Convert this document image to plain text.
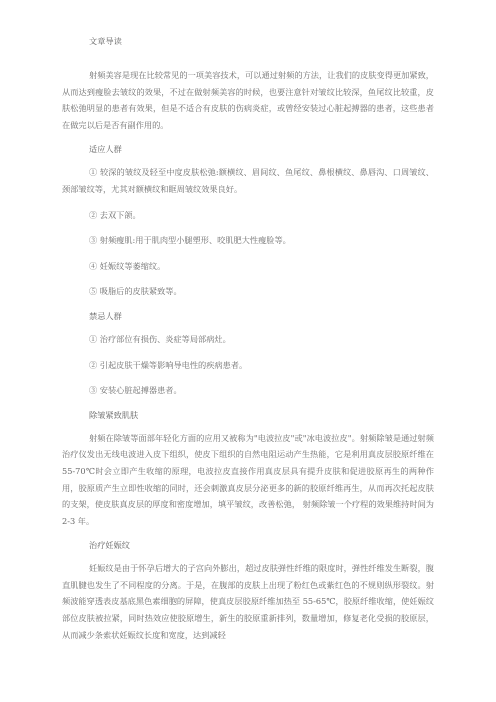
文章导读

射频美容是现在比较常见的一项美容技术，可以通过射频的方法，让我们的皮肤变得更加紧致，从而达到瘦脸去皱纹的效果，不过在做射频美容的时候，也要注意针对皱纹比较深，鱼尾纹比较重，皮肤松弛明显的患者有效果，但是不适合有皮肤的伤病炎症，或曾经安装过心脏起搏器的患者，这些患者在做完以后是否有副作用的。

适应人群

① 较深的皱纹及轻至中度皮肤松弛:额横纹、眉间纹、鱼尾纹、鼻根横纹、鼻唇沟、口周皱纹、颈部皱纹等，尤其对额横纹和眶周皱纹效果良好。

② 去双下颌。

③ 射频瘦肌:用于肌肉型小腿塑形、咬肌肥大性瘦脸等。

④ 妊娠纹等萎缩纹。

⑤ 吸脂后的皮肤紧致等。

禁忌人群

① 治疗部位有损伤、炎症等局部病灶。

② 引起皮肤干燥等影响导电性的疾病患者。

③ 安装心脏起搏器患者。

除皱紧致肌肤

射频在除皱等面部年轻化方面的应用又被称为"电波拉皮"或"冰电波拉皮"。射频除皱是通过射频治疗仪发出无线电波进入皮下组织，使皮下组织的自然电阻运动产生热能，它是利用真皮层胶原纤维在 55-70℃时会立即产生收缩的原理，电波拉皮直接作用真皮层具有提升皮肤和促进胶原再生的两种作用，胶原质产生立即性收缩的同时，还会刺激真皮层分泌更多的新的胶原纤维再生，从而再次托起皮肤的支架，使皮肤真皮层的厚度和密度增加，填平皱纹，改善松弛， 射频除皱一个疗程的效果维持时间为 2-3 年。

治疗妊娠纹

妊娠纹是由于怀孕后增大的子宫向外膨出，超过皮肤弹性纤维的限度时，弹性纤维发生断裂，腹直肌腱也发生了不同程度的分离。于是，在腹部的皮肤上出现了粉红色或紫红色的不规则纵形裂纹。射频波能穿透表皮基底黑色素细胞的屏障，使真皮层胶原纤维加热至 55-65℃，胶原纤维收缩，使妊娠纹部位皮肤被拉紧，同时热效应使胶原增生，新生的胶原重新排列，数量增加，修复老化受损的胶原层，从而减少条索状妊娠纹长度和宽度，达到减轻
